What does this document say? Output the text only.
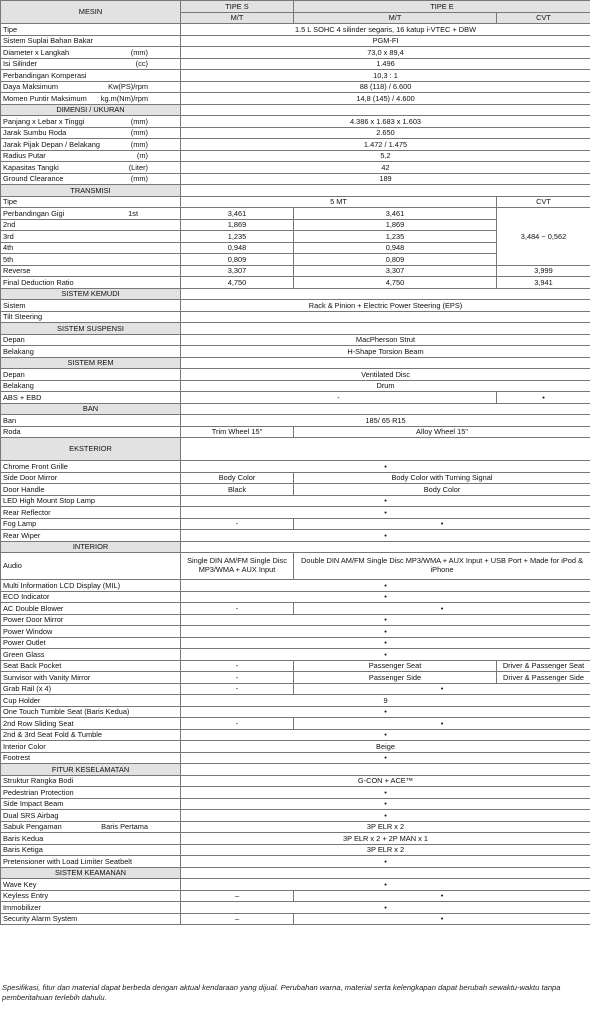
MESIN	TIPE S	TIPE E	
	M/T	M/T	CVT
Tipe	1.5 L SOHC 4 silinder segaris, 16 katup i-VTEC + DBW		
Sistem Suplai Bahan Bakar	PGM-FI		
Diameter x Langkah (mm)	73,0 x 89,4		
Isi Silinder (cc)	1.496		
Perbandingan Komperasi	10,3 : 1		
Daya Maksimum Kw(PS)/rpm	88 (118) / 6.600		
Momen Puntir Maksimum kg.m(Nm)/rpm	14,8 (145) / 4.600		
DIMENSI / UKURAN			
Panjang x Lebar x Tinggi (mm)	4.386 x 1.683 x 1.603		
Jarak Sumbu Roda (mm)	2.650		
Jarak Pijak Depan / Belakang (mm)	1.472 / 1.475		
Radius Putar (m)	5,2		
Kapasitas Tangki (Liter)	42		
Ground Clearance (mm)	189		
TRANSMISI			
Tipe	5 MT		CVT
Perbandingan Gigi 1st	3,461	3,461	3,484 ~ 0,562
2nd	1,869	1,869	
3rd	1,235	1,235	
4th	0,948	0,948	
5th	0,809	0,809	
Reverse	3,307	3,307	3,999
Final Deduction Ratio	4,750	4,750	3,941
SISTEM KEMUDI			
Sistem	Rack & Pinion + Electric Power Steering (EPS)		
Tilt Steering			
SISTEM SUSPENSI			
Depan	MacPherson Strut		
Belakang	H-Shape Torsion Beam		
SISTEM REM			
Depan	Ventilated Disc		
Belakang	Drum		
ABS + EBD	-		•
BAN			
Ban	185/ 65 R15		
Roda	Trim Wheel 15"	Alloy Wheel 15"	
EKSTERIOR			
Chrome Front Grille	•		
Side Door Mirror	Body Color	Body Color with Turning Signal	
Door Handle	Black	Body Color	
LED High Mount Stop Lamp	•		
Rear Reflector	•		
Fog Lamp	-	•	
Rear Wiper	•		
INTERIOR			
Audio	Single DIN AM/FM Single Disc MP3/WMA + AUX Input	Double DIN AM/FM Single Disc MP3/WMA + AUX Input + USB Port + Made for iPod & iPhone	
Multi Information LCD Display (MIL)	•		
ECO Indicator	•		
AC Double Blower	-	•	
Power Door Mirror	•		
Power Window	•		
Power Outlet	•		
Green Glass	•		
Seat Back Pocket	-	Passenger Seat	Driver & Passenger Seat
Sunvisor with Vanity Mirror	-	Passenger Side	Driver & Passenger Side
Grab Rail (x 4)	-	•	
Cup Holder	9		
One Touch Tumble Seat (Baris Kedua)	•		
2nd Row Sliding Seat	-	•	
2nd & 3rd Seat Fold & Tumble	•		
Interior Color	Beige		
Footrest	•		
FITUR KESELAMATAN			
Struktur Rangka Bodi	G-CON + ACE™		
Pedestrian Protection	•		
Side Impact Beam	•		
Dual SRS Airbag	•		
Sabuk Pengaman Baris Pertama	3P ELR x 2		
Baris Kedua	3P ELR x 2 + 2P MAN x 1		
Baris Ketiga	3P ELR x 2		
Pretensioner with Load Limiter Seatbelt	•		
SISTEM KEAMANAN			
Wave Key	•		
Keyless Entry	–	•	
Immobilizer	•		
Security Alarm System	–	•	
Spesifikasi, fitur dan material dapat berbeda dengan aktual kendaraan yang dijual. Perubahan warna, material serta kelengkapan dapat berubah sewaktu-waktu tanpa pemberitahuan terlebih dahulu.
